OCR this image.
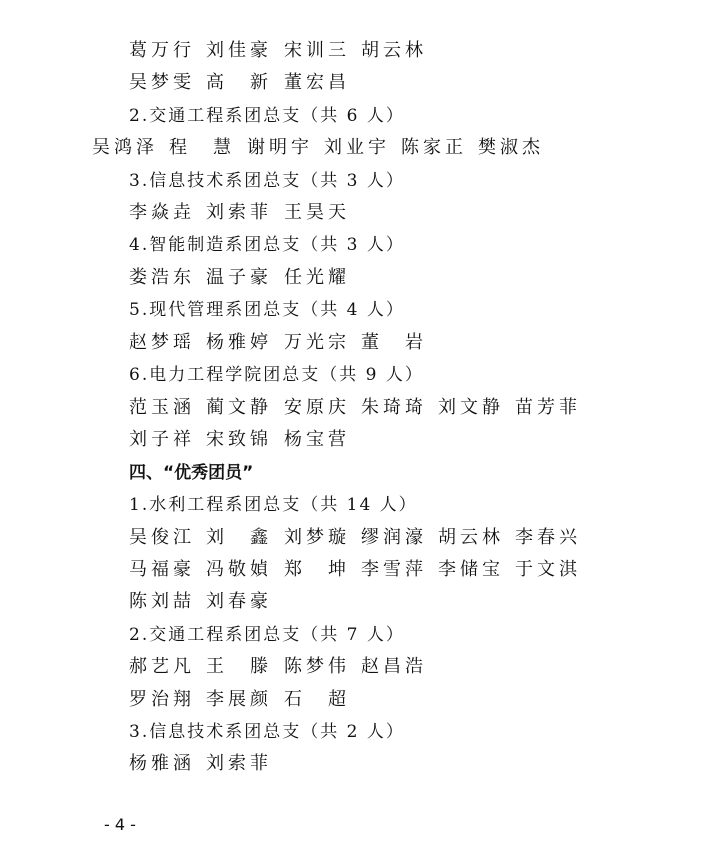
- 4 -
葛万行 刘佳豪 宋训三 胡云林
吴梦雯 高　新 董宏昌
2.交通工程系团总支（共 6 人）
吴鸿泽 程　慧 谢明宇 刘业宇 陈家正 樊淑杰
3.信息技术系团总支（共 3 人）
李焱垚 刘索菲 王昊天
4.智能制造系团总支（共 3 人）
娄浩东 温子豪 任光耀
5.现代管理系团总支（共 4 人）
赵梦瑶 杨雅婷 万光宗 董　岩
6.电力工程学院团总支（共 9 人）
范玉涵 蔺文静 安原庆 朱琦琦 刘文静 苗芳菲
刘子祥 宋致锦 杨宝营
四、“优秀团员”
1.水利工程系团总支（共 14 人）
吴俊江 刘　鑫 刘梦璇 缪润濠 胡云林 李春兴
马福豪 冯敬媜 郑　坤 李雪萍 李储宝 于文淇
陈刘喆 刘春豪
2.交通工程系团总支（共 7 人）
郝艺凡 王　滕 陈梦伟 赵昌浩
罗治翔 李展颜 石　超
3.信息技术系团总支（共 2 人）
杨雅涵 刘索菲
